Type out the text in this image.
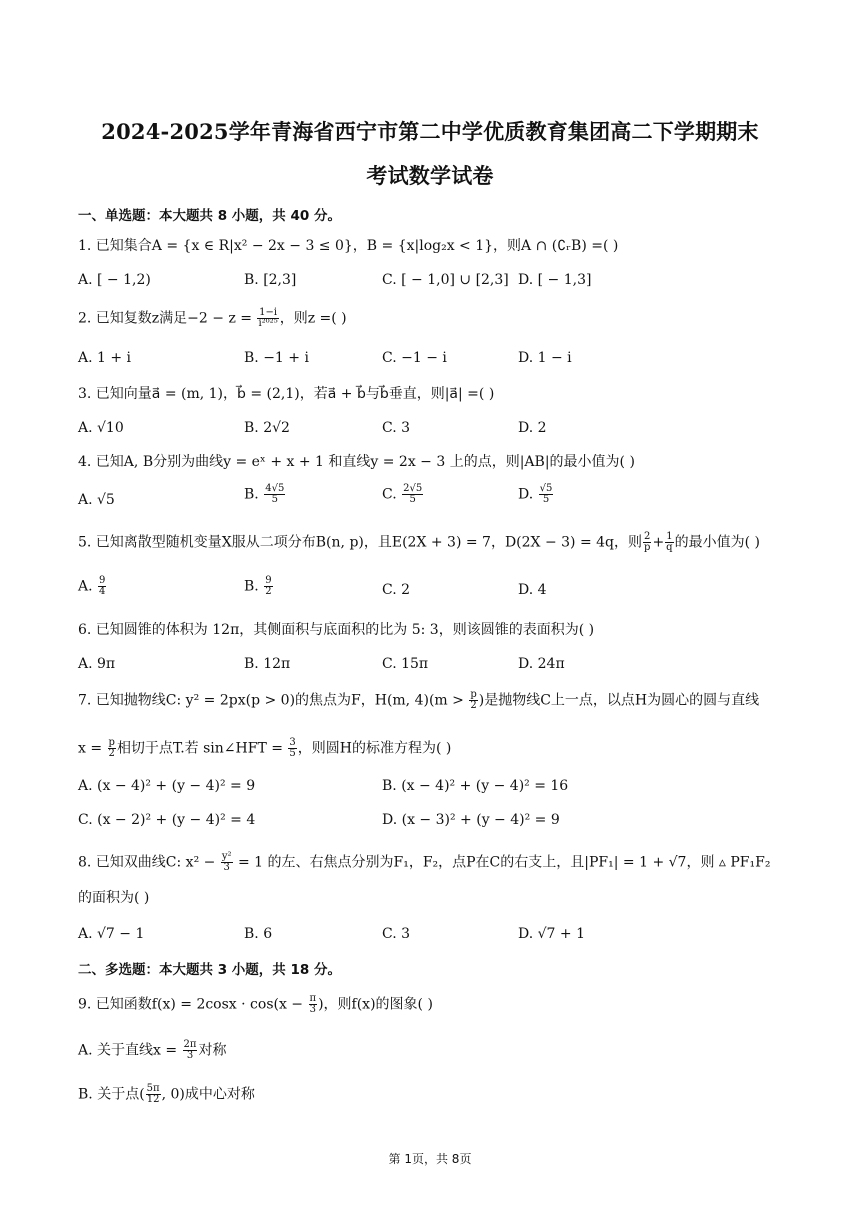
2024-2025学年青海省西宁市第二中学优质教育集团高二下学期期末
考试数学试卷
一、单选题：本大题共 8 小题，共 40 分。
1. 已知集合A = {x ∈ R|x² − 2x − 3 ≤ 0}，B = {x|log₂x < 1}，则A ∩ (∁ᵣB) =( )
A. [ − 1,2)	B. [2,3]	C. [ − 1,0] ∪ [2,3] D. [ − 1,3]
2. 已知复数z满足$-2 - z = \frac{1-i}{\text{i²⁰²⁵}}$ ，则z =( )
A. 1 + i	B. −1 + i	C. −1 − i	D. 1 − i
3. 已知向量a⃗ = (m, 1)，b⃗ = (2,1)，若a⃗ + b⃗与b⃗垂直，则|a⃗| =( )
A. √10	B. 2√2	C. 3	D. 2
4. 已知A, B分别为曲线y = eˣ + x + 1 和直线y = 2x − 3 上的点，则|AB|的最小值为( )
A. √5	B. $\frac{4√5}{5}$	C. $\frac{2√5}{5}$	D. $\frac{√5}{5}$
5. 已知离散型随机变量X服从二项分布B(n, p)，且E(2X + 3) = 7，D(2X − 3) = 4q，则 $\frac{2}{p} + \frac{1}{q}$ 的最小值为( )
A. $\frac{9}{4}$	B. $\frac{9}{2}$	C. 2	D. 4
6. 已知圆锥的体积为 12π，其侧面积与底面积的比为 5: 3，则该圆锥的表面积为( )
A. 9π	B. 12π	C. 15π	D. 24π
7. 已知抛物线C: y² = 2px(p > 0)的焦点为F，H(m, $4)(m > \frac{p}{2}$ )是抛物线C上一点，以点H为圆心的圆与直线
$x = \frac{p}{2}$ 相切于点T.若 sin∠HFT = $\frac{3}{5}$ ，则圆H的标准方程为( )
A. (x − 4)² + (y − 4)² = 9	B. (x − 4)² + (y − 4)² = 16
C. (x − 2)² + (y − 4)² = 4	D. (x − 3)² + (y − 4)² = 9
8. 已知双曲线C: $x^2 - \frac{\text{y²}}{3} = 1$ 的左、右焦点分别为F₁，F₂，点P在C的右支上，且|PF₁| = 1 + √7，则 ▵ PF₁F₂
的面积为( )
A. √7 − 1	B. 6	C. 3	D. √7 + 1
二、多选题：本大题共 3 小题，共 18 分。
9. 已知函数$f(x) = 2\cos x \cdot \cos(x - \frac{\pi}{3}$ )，则f(x)的图象( )
A. 关于直线$x = \frac{2\pi}{3}$ 对称
B. 关于点( $\frac{5\pi}{12}$ , 0)成中心对称
第 1页，共 8页
